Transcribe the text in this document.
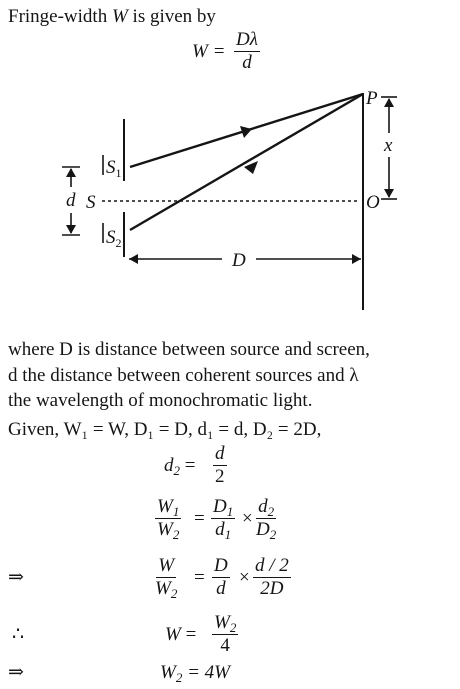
Fringe-width W is given by
$W = \frac{D\lambda}{d}$
P
x
O
S
d
$S_1$
$S_2$
D
where D is distance between source and screen,
d the distance between coherent sources and λ
the wavelength of monochromatic light.
Given, W₁ = W, D₁ = D, d₁ = d, D₂ = 2D,
$d_2 = \frac{d}{2}$
$\frac{W_1}{W_2} = \frac{D_1}{d_1} \times \frac{d_2}{D_2}$
⇒	$\frac{W}{W_2} = \frac{D}{d} \times \frac{d / 2}{2D}$
∴	$W = \frac{W_2}{4}$
⇒	$W_2 = 4W$
